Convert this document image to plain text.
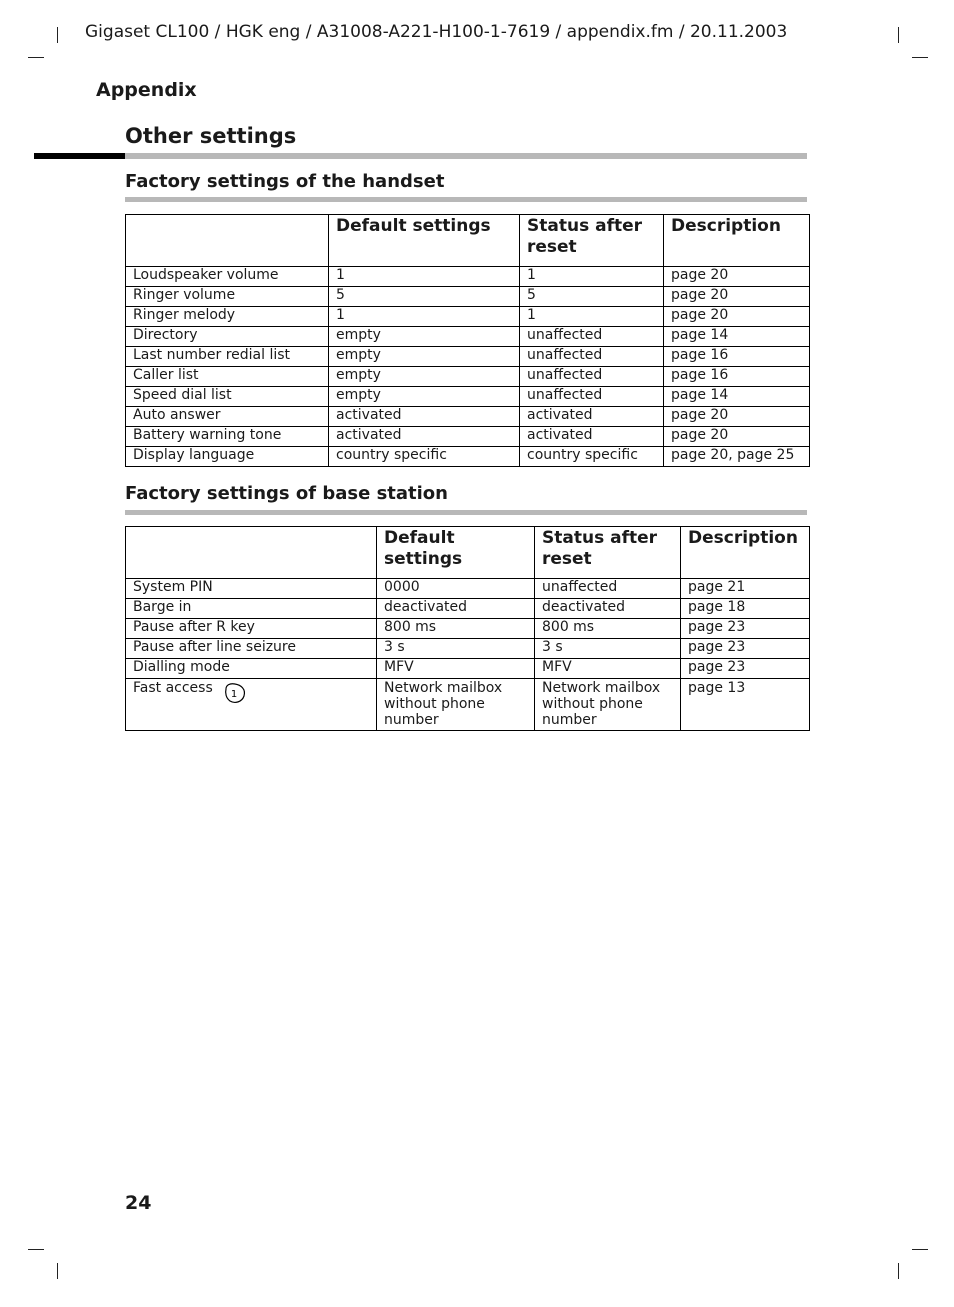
Gigaset CL100 / HGK eng / A31008-A221-H100-1-7619 / appendix.fm / 20.11.2003
Appendix
Other settings
Factory settings of the handset
	Default settings	Status after reset	Description
Loudspeaker volume	1	1	page 20
Ringer volume	5	5	page 20
Ringer melody	1	1	page 20
Directory	empty	unaffected	page 14
Last number redial list	empty	unaffected	page 16
Caller list	empty	unaffected	page 16
Speed dial list	empty	unaffected	page 14
Auto answer	activated	activated	page 20
Battery warning tone	activated	activated	page 20
Display language	country specific	country specific	page 20, page 25
Factory settings of base station
	Default settings	Status after reset	Description
System PIN	0000	unaffected	page 21
Barge in	deactivated	deactivated	page 18
Pause after R key	800 ms	800 ms	page 23
Pause after line seizure	3 s	3 s	page 23
Dialling mode	MFV	MFV	page 23
Fast access 1	Network mailbox without phone number	Network mailbox without phone number	page 13
24
